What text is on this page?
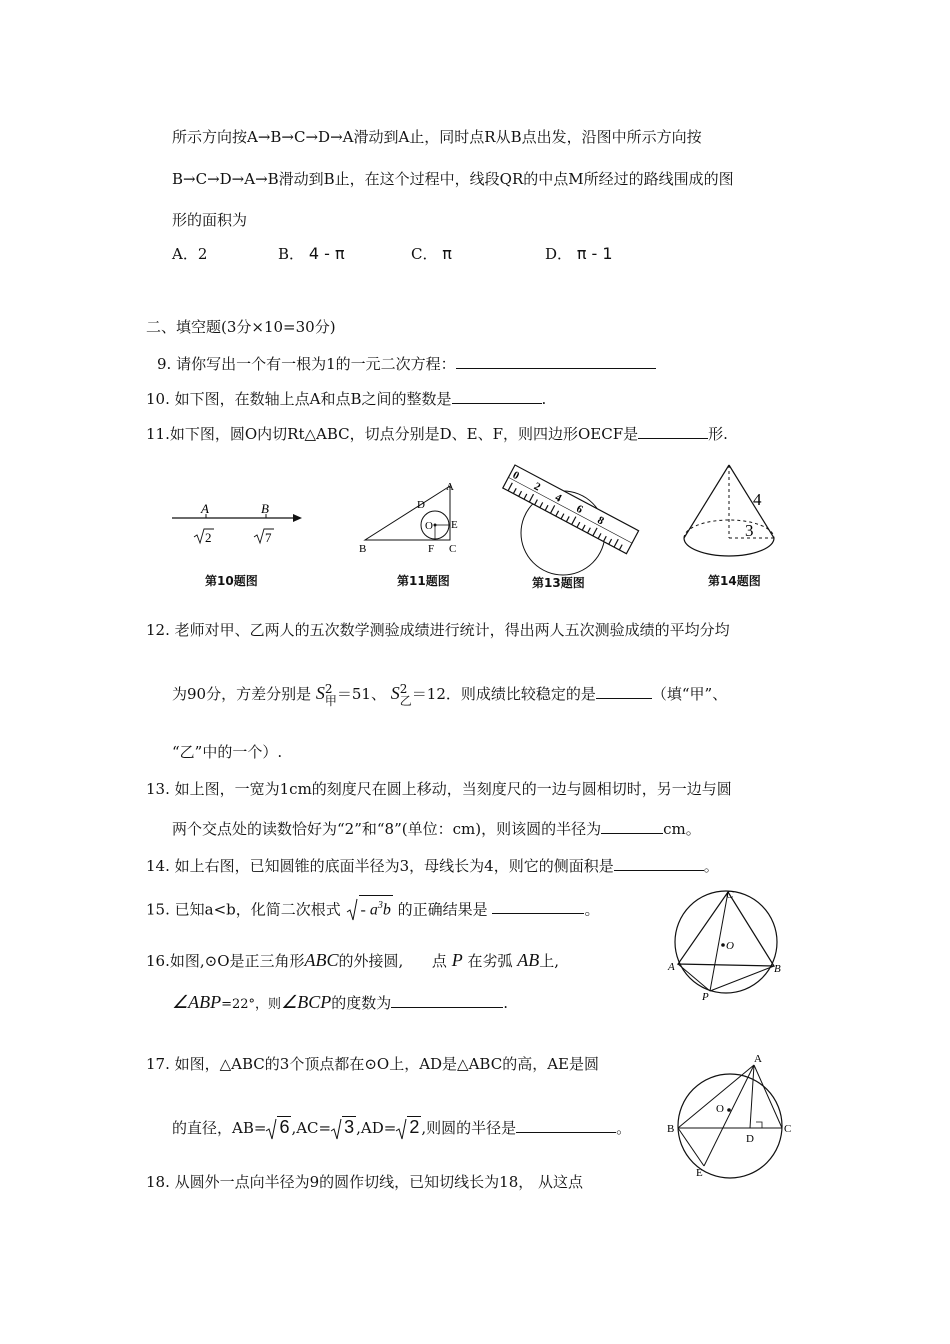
所示方向按A→B→C→D→A滑动到A止，同时点R从B点出发，沿图中所示方向按
B→C→D→A→B滑动到B止，在这个过程中，线段QR的中点M所经过的路线围成的图
形的面积为
A．2	B． 4 - π	C． π	D． π - 1
二、填空题(3分×10=30分)
9. 请你写出一个有一根为1的一元二次方程：
10. 如下图，在数轴上点A和点B之间的整数是	.
11.如下图，圆O内切Rt△ABC，切点分别是D、E、F，则四边形OECF是	形.
A	B
2	7
第10题图
A
B	C
D
E
F
O
第11题图
0
2
4
6
8
第13题图
4
3
第14题图
12. 老师对甲、乙两人的五次数学测验成绩进行统计，得出两人五次测验成绩的平均分均
为90分，方差分别是 S 2
甲 ＝51、 S 2
乙 ＝12．则成绩比较稳定的是	（填“甲”、
“乙”中的一个）.
13. 如上图，一宽为1cm的刻度尺在圆上移动，当刻度尺的一边与圆相切时，另一边与圆
两个交点处的读数恰好为“2”和“8”(单位：cm)，则该圆的半径为	cm。
14. 如上右图，已知圆锥的底面半径为3，母线长为4，则它的侧面积是	。
15. 已知a<b，化简二次根式 - $a^3b$ 的正确结果是	。
C
A	B
O
P
16.如图,⊙O是正三角形ABC的外接圆, 点 P 在劣弧 AB上,
∠ABP=22°，则∠BCP的度数为	.
A
B	C
D
E
O
17. 如图，△ABC的3个顶点都在⊙O上，AD是△ABC的高，AE是圆
的直径，AB= 6 ,AC= 3 ,AD= 2 ,则圆的半径是	。
18. 从圆外一点向半径为9的圆作切线，已知切线长为18， 从这点
